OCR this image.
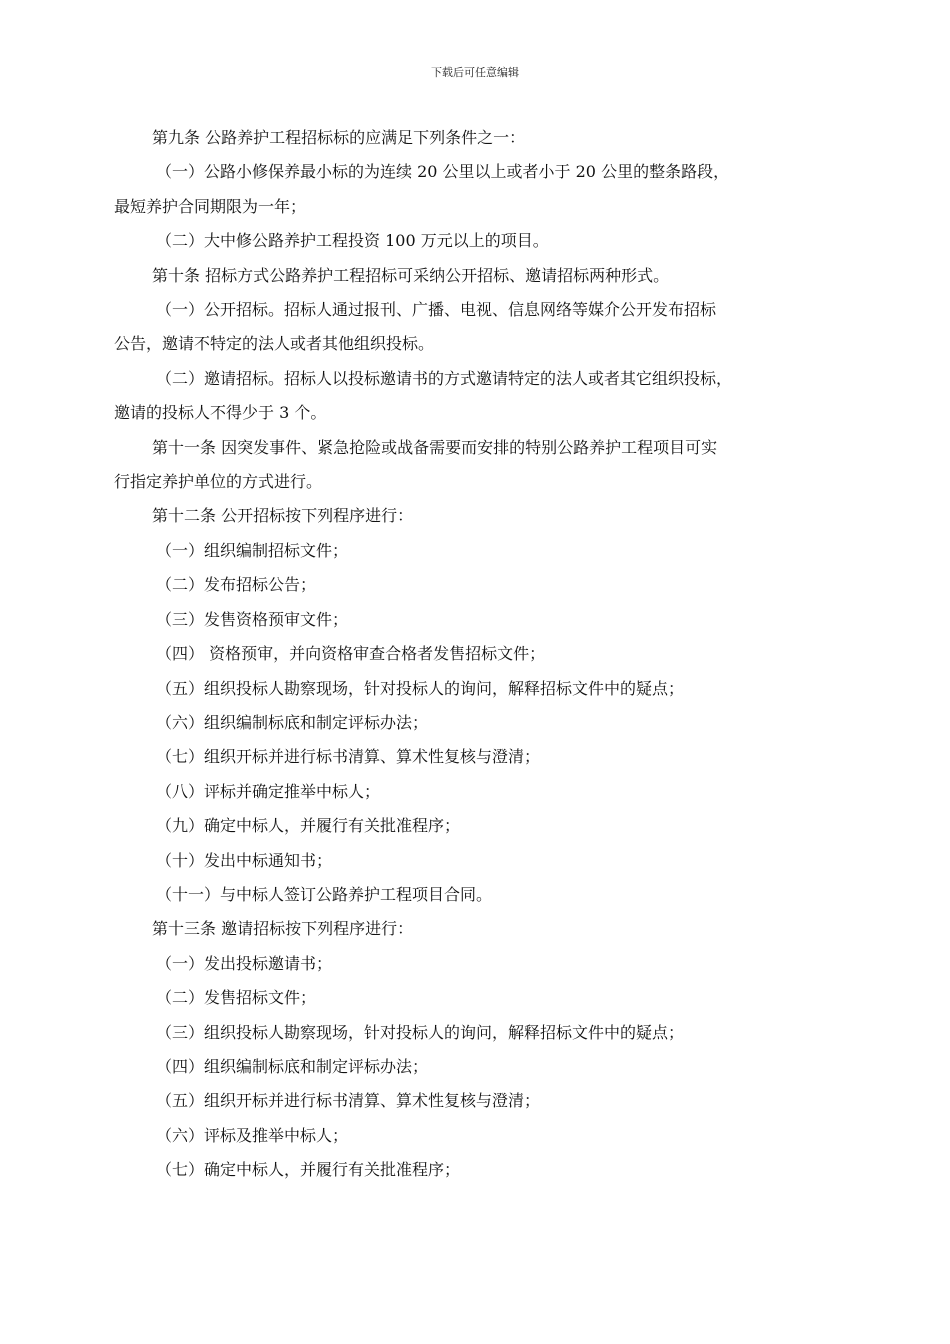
下载后可任意编辑

第九条 公路养护工程招标标的应满足下列条件之一：

（一）公路小修保养最小标的为连续 20 公里以上或者小于 20 公里的整条路段，

最短养护合同期限为一年；

（二）大中修公路养护工程投资 100 万元以上的项目。

第十条 招标方式公路养护工程招标可采纳公开招标、邀请招标两种形式。

（一）公开招标。招标人通过报刊、广播、电视、信息网络等媒介公开发布招标

公告，邀请不特定的法人或者其他组织投标。

（二）邀请招标。招标人以投标邀请书的方式邀请特定的法人或者其它组织投标，

邀请的投标人不得少于 3 个。

第十一条 因突发事件、紧急抢险或战备需要而安排的特别公路养护工程项目可实

行指定养护单位的方式进行。

第十二条 公开招标按下列程序进行：

（一）组织编制招标文件；

（二）发布招标公告；

（三）发售资格预审文件；

（四） 资格预审，并向资格审查合格者发售招标文件；

（五）组织投标人勘察现场，针对投标人的询问，解释招标文件中的疑点；

（六）组织编制标底和制定评标办法；

（七）组织开标并进行标书清算、算术性复核与澄清；

（八）评标并确定推举中标人；

（九）确定中标人，并履行有关批准程序；

（十）发出中标通知书；

（十一）与中标人签订公路养护工程项目合同。

第十三条 邀请招标按下列程序进行：

（一）发出投标邀请书；

（二）发售招标文件；

（三）组织投标人勘察现场，针对投标人的询问，解释招标文件中的疑点；

（四）组织编制标底和制定评标办法；

（五）组织开标并进行标书清算、算术性复核与澄清；

（六）评标及推举中标人；

（七）确定中标人，并履行有关批准程序；
